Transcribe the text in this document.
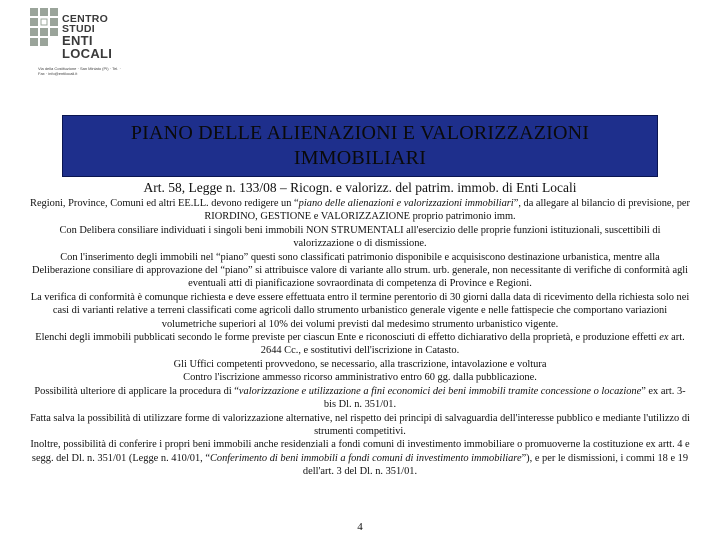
CENTRO
STUDI
ENTI
LOCALI
Via della Costituzione · San Miniato (PI) · Tel. · Fax · info@entilocali.it
PIANO DELLE ALIENAZIONI E VALORIZZAZIONI
IMMOBILIARI
Art. 58, Legge n. 133/08 – Ricogn. e valorizz. del patrim. immob. di Enti Locali

Regioni, Province, Comuni ed altri EE.LL. devono redigere un “piano delle alienazioni e valorizzazioni immobiliari”, da allegare al bilancio di previsione, per RIORDINO, GESTIONE e VALORIZZAZIONE proprio patrimonio imm.

Con Delibera consiliare individuati i singoli beni immobili NON STRUMENTALI all'esercizio delle proprie funzioni istituzionali, suscettibili di valorizzazione o di dismissione.

Con l'inserimento degli immobili nel “piano” questi sono classificati patrimonio disponibile e acquisiscono destinazione urbanistica, mentre alla Deliberazione consiliare di approvazione del “piano” si attribuisce valore di variante allo strum. urb. generale, non necessitante di verifiche di conformità agli eventuali atti di pianificazione sovraordinata di competenza di Province e Regioni.

La verifica di conformità è comunque richiesta e deve essere effettuata entro il termine perentorio di 30 giorni dalla data di ricevimento della richiesta solo nei casi di varianti relative a terreni classificati come agricoli dallo strumento urbanistico generale vigente e nelle fattispecie che comportano variazioni volumetriche superiori al 10% dei volumi previsti dal medesimo strumento urbanistico vigente.

Elenchi degli immobili pubblicati secondo le forme previste per ciascun Ente e riconosciuti di effetto dichiarativo della proprietà, e produzione effetti ex art. 2644 Cc., e sostitutivi dell'iscrizione in Catasto.

Gli Uffici competenti provvedono, se necessario, alla trascrizione, intavolazione e voltura

Contro l'iscrizione ammesso ricorso amministrativo entro 60 gg. dalla pubblicazione.

Possibilità ulteriore di applicare la procedura di “valorizzazione e utilizzazione a fini economici dei beni immobili tramite concessione o locazione” ex art. 3-bis Dl. n. 351/01.

Fatta salva la possibilità di utilizzare forme di valorizzazione alternative, nel rispetto dei principi di salvaguardia dell'interesse pubblico e mediante l'utilizzo di strumenti competitivi.

Inoltre, possibilità di conferire i propri beni immobili anche residenziali a fondi comuni di investimento immobiliare o promuoverne la costituzione ex artt. 4 e segg. del Dl. n. 351/01 (Legge n. 410/01, “Conferimento di beni immobili a fondi comuni di investimento immobiliare”), e per le dismissioni, i commi 18 e 19 dell'art. 3 del Dl. n. 351/01.

4
